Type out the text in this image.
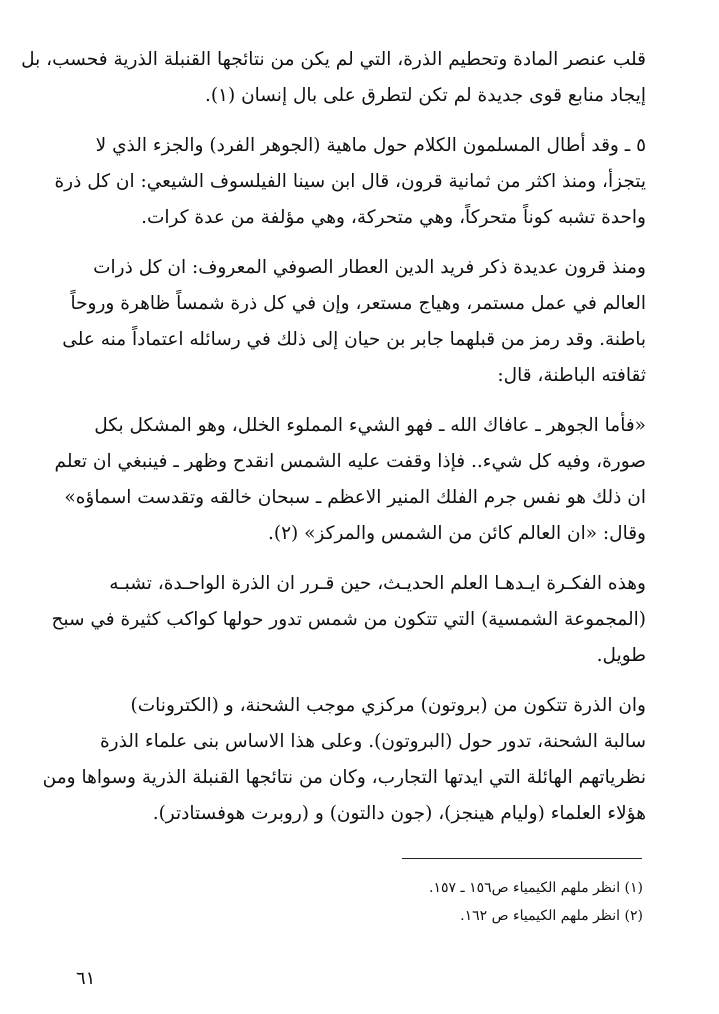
قلب عنصر المادة وتحطيم الذرة، التي لم يكن من نتائجها القنبلة الذرية فحسب، بل
إيجاد منابع قوى جديدة لم تكن لتطرق على بال إنسان (١).

٥ ـ وقد أطال المسلمون الكلام حول ماهية (الجوهر الفرد) والجزء الذي لا
يتجزأ، ومنذ اكثر من ثمانية قرون، قال ابن سينا الفيلسوف الشيعي: ان كل ذرة
واحدة تشبه كوناً متحركاً، وهي متحركة، وهي مؤلفة من عدة كرات.

ومنذ قرون عديدة ذكر فريد الدين العطار الصوفي المعروف: ان كل ذرات
العالم في عمل مستمر، وهياج مستعر، وإن في كل ذرة شمساً ظاهرة وروحاً
باطنة. وقد رمز من قبلهما جابر بن حيان إلى ذلك في رسائله اعتماداً منه على
ثقافته الباطنة، قال:

«فأما الجوهر ـ عافاك الله ـ فهو الشيء المملوء الخلل، وهو المشكل بكل
صورة، وفيه كل شيء.. فإذا وقفت عليه الشمس انقدح وظهر ـ فينبغي ان تعلم
ان ذلك هو نفس جرم الفلك المنير الاعظم ـ سبحان خالقه وتقدست اسماؤه»
وقال: «ان العالم كائن من الشمس والمركز» (٢).

وهذه الفكـرة ايـدهـا العلم الحديـث، حين قـرر ان الذرة الواحـدة، تشبـه
(المجموعة الشمسية) التي تتكون من شمس تدور حولها كواكب كثيرة في سبح
طويل.

وان الذرة تتكون من (بروتون) مركزي موجب الشحنة، و (الكترونات)
سالبة الشحنة، تدور حول (البروتون). وعلى هذا الاساس بنى علماء الذرة
نظرياتهم الهائلة التي ايدتها التجارب، وكان من نتائجها القنبلة الذرية وسواها ومن
هؤلاء العلماء (وليام هينجز)، (جون دالتون) و (روبرت هوفستادتر).

(١) انظر ملهم الكيمياء ص١٥٦ ـ ١٥٧.
(٢) انظر ملهم الكيمياء ص ١٦٢.
٦١
